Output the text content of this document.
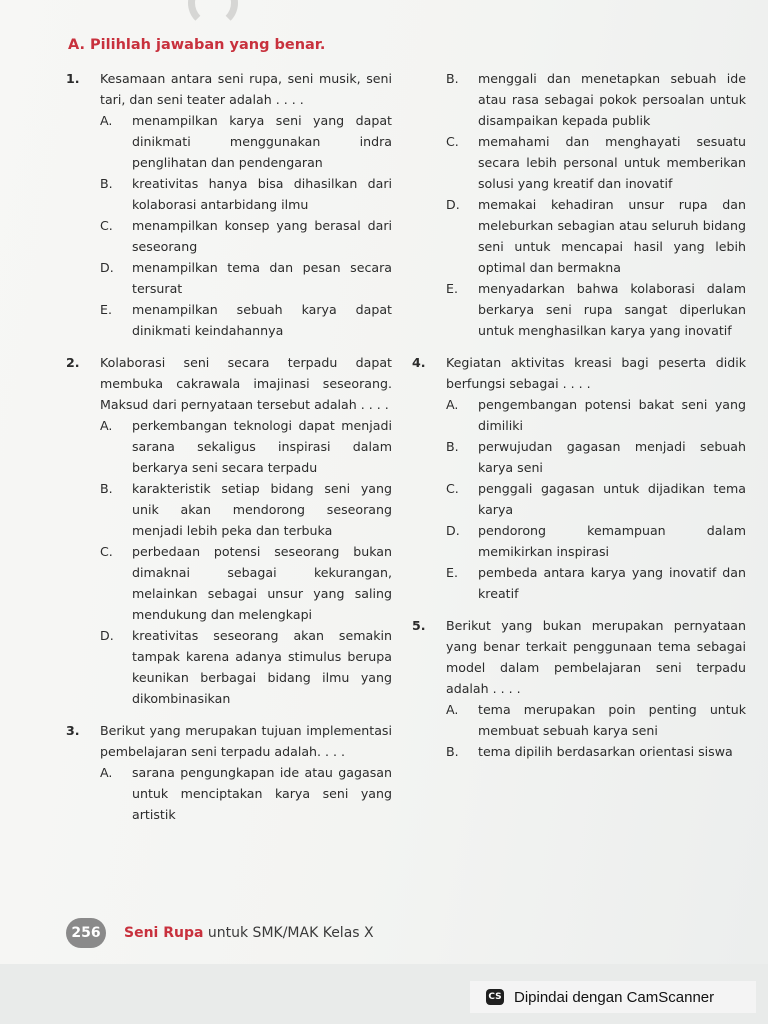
A. Pilihlah jawaban yang benar.
1. Kesamaan antara seni rupa, seni musik, seni tari, dan seni teater adalah . . . .
A. menampilkan karya seni yang dapat dinikmati menggunakan indra penglihatan dan pendengaran
B. kreativitas hanya bisa dihasilkan dari kolaborasi antarbidang ilmu
C. menampilkan konsep yang berasal dari seseorang
D. menampilkan tema dan pesan secara tersurat
E. menampilkan sebuah karya dapat dinikmati keindahannya
2. Kolaborasi seni secara terpadu dapat membuka cakrawala imajinasi seseorang. Maksud dari pernyataan tersebut adalah . . . .
A. perkembangan teknologi dapat menjadi sarana sekaligus inspirasi dalam berkarya seni secara terpadu
B. karakteristik setiap bidang seni yang unik akan mendorong seseorang menjadi lebih peka dan terbuka
C. perbedaan potensi seseorang bukan dimaknai sebagai kekurangan, melainkan sebagai unsur yang saling mendukung dan melengkapi
D. kreativitas seseorang akan semakin tampak karena adanya stimulus berupa keunikan berbagai bidang ilmu yang dikombinasikan
3. Berikut yang merupakan tujuan implementasi pembelajaran seni terpadu adalah. . . .
A. sarana pengungkapan ide atau gagasan untuk menciptakan karya seni yang artistik
B. menggali dan menetapkan sebuah ide atau rasa sebagai pokok persoalan untuk disampaikan kepada publik
C. memahami dan menghayati sesuatu secara lebih personal untuk memberikan solusi yang kreatif dan inovatif
D. memakai kehadiran unsur rupa dan meleburkan sebagian atau seluruh bidang seni untuk mencapai hasil yang lebih optimal dan bermakna
E. menyadarkan bahwa kolaborasi dalam berkarya seni rupa sangat diperlukan untuk menghasilkan karya yang inovatif
4. Kegiatan aktivitas kreasi bagi peserta didik berfungsi sebagai . . . .
A. pengembangan potensi bakat seni yang dimiliki
B. perwujudan gagasan menjadi sebuah karya seni
C. penggali gagasan untuk dijadikan tema karya
D. pendorong kemampuan dalam memikirkan inspirasi
E. pembeda antara karya yang inovatif dan kreatif
5. Berikut yang bukan merupakan pernyataan yang benar terkait penggunaan tema sebagai model dalam pembelajaran seni terpadu adalah . . . .
A. tema merupakan poin penting untuk membuat sebuah karya seni
B. tema dipilih berdasarkan orientasi siswa
256	Seni Rupa untuk SMK/MAK Kelas X
CS Dipindai dengan CamScanner
